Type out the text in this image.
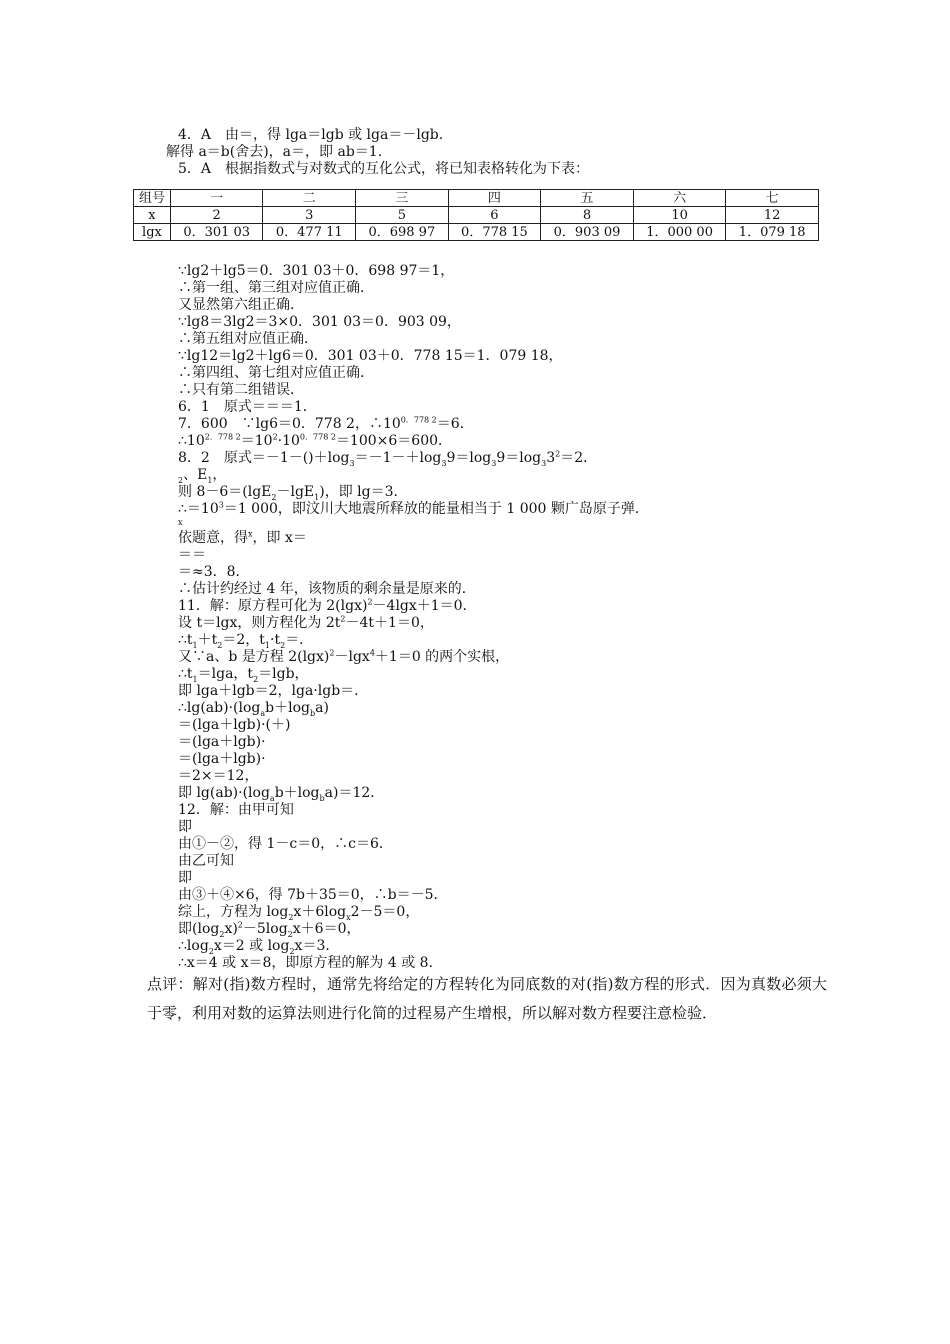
4．A　由＝，得 lga＝lgb 或 lga＝－lgb.
解得 a＝b(舍去)，a＝，即 ab＝1.
5．A　根据指数式与对数式的互化公式，将已知表格转化为下表：
组号	一	二	三	四	五	六	七
x	2	3	5	6	8	10	12
lgx	0．301 03	0．477 11	0．698 97	0．778 15	0．903 09	1．000 00	1．079 18
∵lg2＋lg5＝0．301 03＋0．698 97＝1，
∴第一组、第三组对应值正确．
又显然第六组正确．
∵lg8＝3lg2＝3×0．301 03＝0．903 09，
∴第五组对应值正确．
∵lg12＝lg2＋lg6＝0．301 03＋0．778 15＝1．079 18，
∴第四组、第七组对应值正确．
∴只有第二组错误．
6．1　原式＝＝＝1．
7．600　∵lg6＝0．778 2，$\therefore 10^{0.778 2}=6$．
$\therefore 10^{2.778 2}=10^2\cdot 10^{0.778 2}=100\times 6=600$．
8．2　原式$=-1-()+\log_3=-1-+\log_39=\log_39=\log_33^2=2$．
$_2$、$E_1$，
则 8－6＝(lgE$_2$－lgE$_1$)，即 lg＝3．
$\therefore=10^3=1$ 000，即汶川大地震所释放的能量相当于 1 000 颗广岛原子弹．
x
依题意，得$^x$，即 x＝
＝＝
＝≈3．8．
∴估计约经过 4 年，该物质的剩余量是原来的．
11．解：原方程可化为 $2(\lg x)^2-4\lg x+1=0$．
设 t＝lgx，则方程化为 $2t^2-4t+1=0$，
$\therefore t_1+t_2=2$，$t_1\cdot t_2=$．
又∵a、b 是方程 $2(\lg x)^2-\lg x^4+1=0$ 的两个实根，
$\therefore t_1=\lg a$，$t_2=\lg b$，
即 lga＋lgb＝2，lga·lgb＝．
$\therefore\lg(ab)\cdot(\log_ab+\log_ba)$
＝(lga＋lgb)·(＋)
＝(lga＋lgb)·
＝(lga＋lgb)·
＝2×＝12，
即 $\lg(ab)\cdot(\log_ab+\log_ba)=12$．
12．解：由甲可知
即
由①－②，得 1－c＝0，∴c＝6．
由乙可知
即
由③＋④×6，得 7b＋35＝0，∴b＝－5．
综上，方程为 $\log_2x+6\log_x2-5=0$，
即$(\log_2x)^2-5\log_2x+6=0$，
$\therefore\log_2x=2$ 或 $\log_2x=3$．
∴x＝4 或 x＝8，即原方程的解为 4 或 8．
点评：解对(指)数方程时，通常先将给定的方程转化为同底数的对(指)数方程的形式．因为真数必须大于零，利用对数的运算法则进行化简的过程易产生增根，所以解对数方程要注意检验．
